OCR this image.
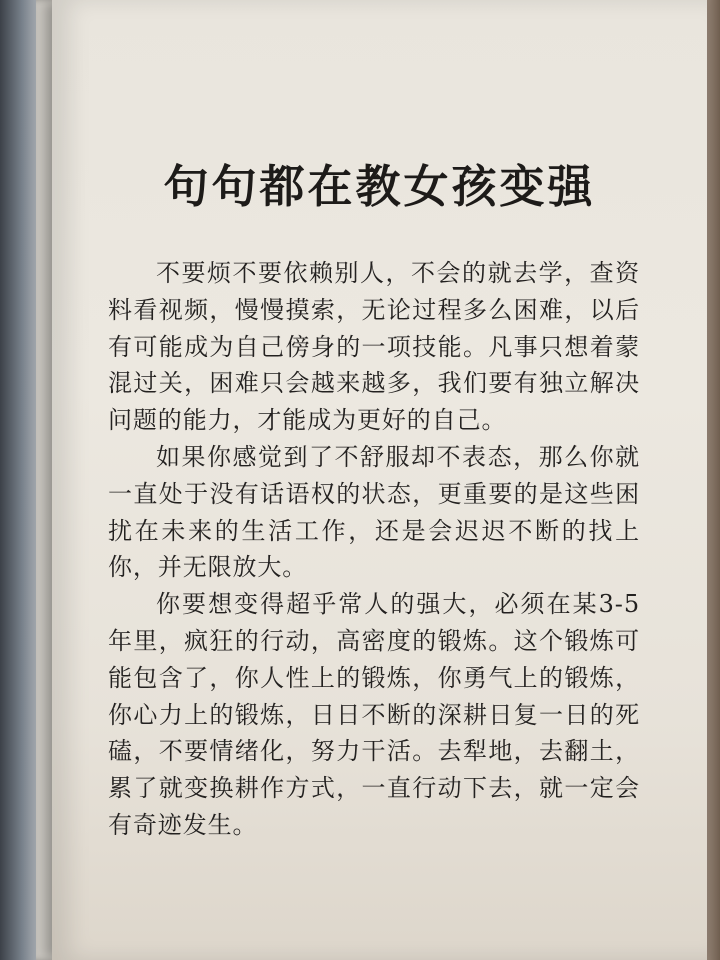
句句都在教女孩变强

不要烦不要依赖别人，不会的就去学，查资料看视频，慢慢摸索，无论过程多么困难，以后有可能成为自己傍身的一项技能。凡事只想着蒙混过关，困难只会越来越多，我们要有独立解决问题的能力，才能成为更好的自己。

如果你感觉到了不舒服却不表态，那么你就一直处于没有话语权的状态，更重要的是这些困扰在未来的生活工作，还是会迟迟不断的找上你，并无限放大。

你要想变得超乎常人的强大，必须在某3-5年里，疯狂的行动，高密度的锻炼。这个锻炼可能包含了，你人性上的锻炼，你勇气上的锻炼，你心力上的锻炼，日日不断的深耕日复一日的死磕，不要情绪化，努力干活。去犁地，去翻土，累了就变换耕作方式，一直行动下去，就一定会有奇迹发生。
